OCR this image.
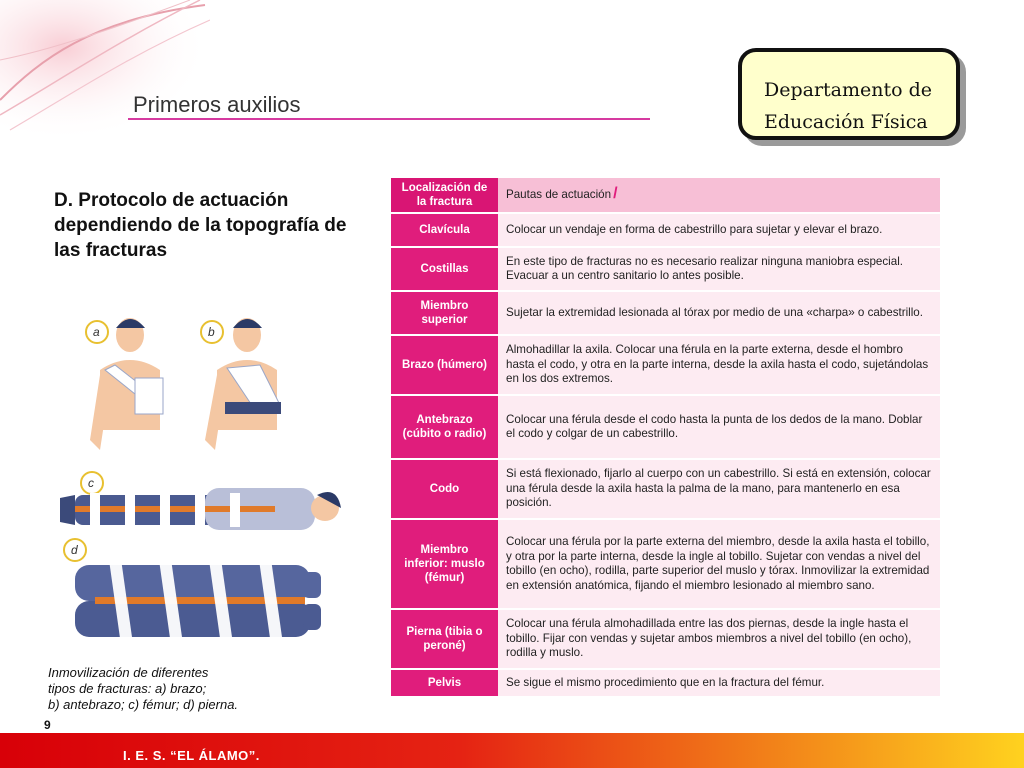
Primeros auxilios
Departamento de
Educación Física
D. Protocolo de actuación dependiendo de la topografía de las fracturas
a	b
c
d
Inmovilización de diferentes
tipos de fracturas: a) brazo;
b) antebrazo; c) fémur; d) pierna.
Localización de la fractura	Pautas de actuación /
Clavícula	Colocar un vendaje en forma de cabestrillo para sujetar y elevar el brazo.
Costillas	En este tipo de fracturas no es necesario realizar ninguna maniobra especial. Evacuar a un centro sanitario lo antes posible.
Miembro superior	Sujetar la extremidad lesionada al tórax por medio de una «charpa» o cabestrillo.
Brazo (húmero)	Almohadillar la axila. Colocar una férula en la parte externa, desde el hombro hasta el codo, y otra en la parte interna, desde la axila hasta el codo, sujetándolas en los dos extremos.
Antebrazo (cúbito o radio)	Colocar una férula desde el codo hasta la punta de los dedos de la mano. Doblar el codo y colgar de un cabestrillo.
Codo	Si está flexionado, fijarlo al cuerpo con un cabestrillo. Si está en extensión, colocar una férula desde la axila hasta la palma de la mano, para mantenerlo en esa posición.
Miembro inferior: muslo (fémur)	Colocar una férula por la parte externa del miembro, desde la axila hasta el tobillo, y otra por la parte interna, desde la ingle al tobillo. Sujetar con vendas a nivel del tobillo (en ocho), rodilla, parte superior del muslo y tórax. Inmovilizar la extremidad en extensión anatómica, fijando el miembro lesionado al miembro sano.
Pierna (tibia o peroné)	Colocar una férula almohadillada entre las dos piernas, desde la ingle hasta el tobillo. Fijar con vendas y sujetar ambos miembros a nivel del tobillo (en ocho), rodilla y muslo.
Pelvis	Se sigue el mismo procedimiento que en la fractura del fémur.
9
I. E. S. “EL ÁLAMO”.
